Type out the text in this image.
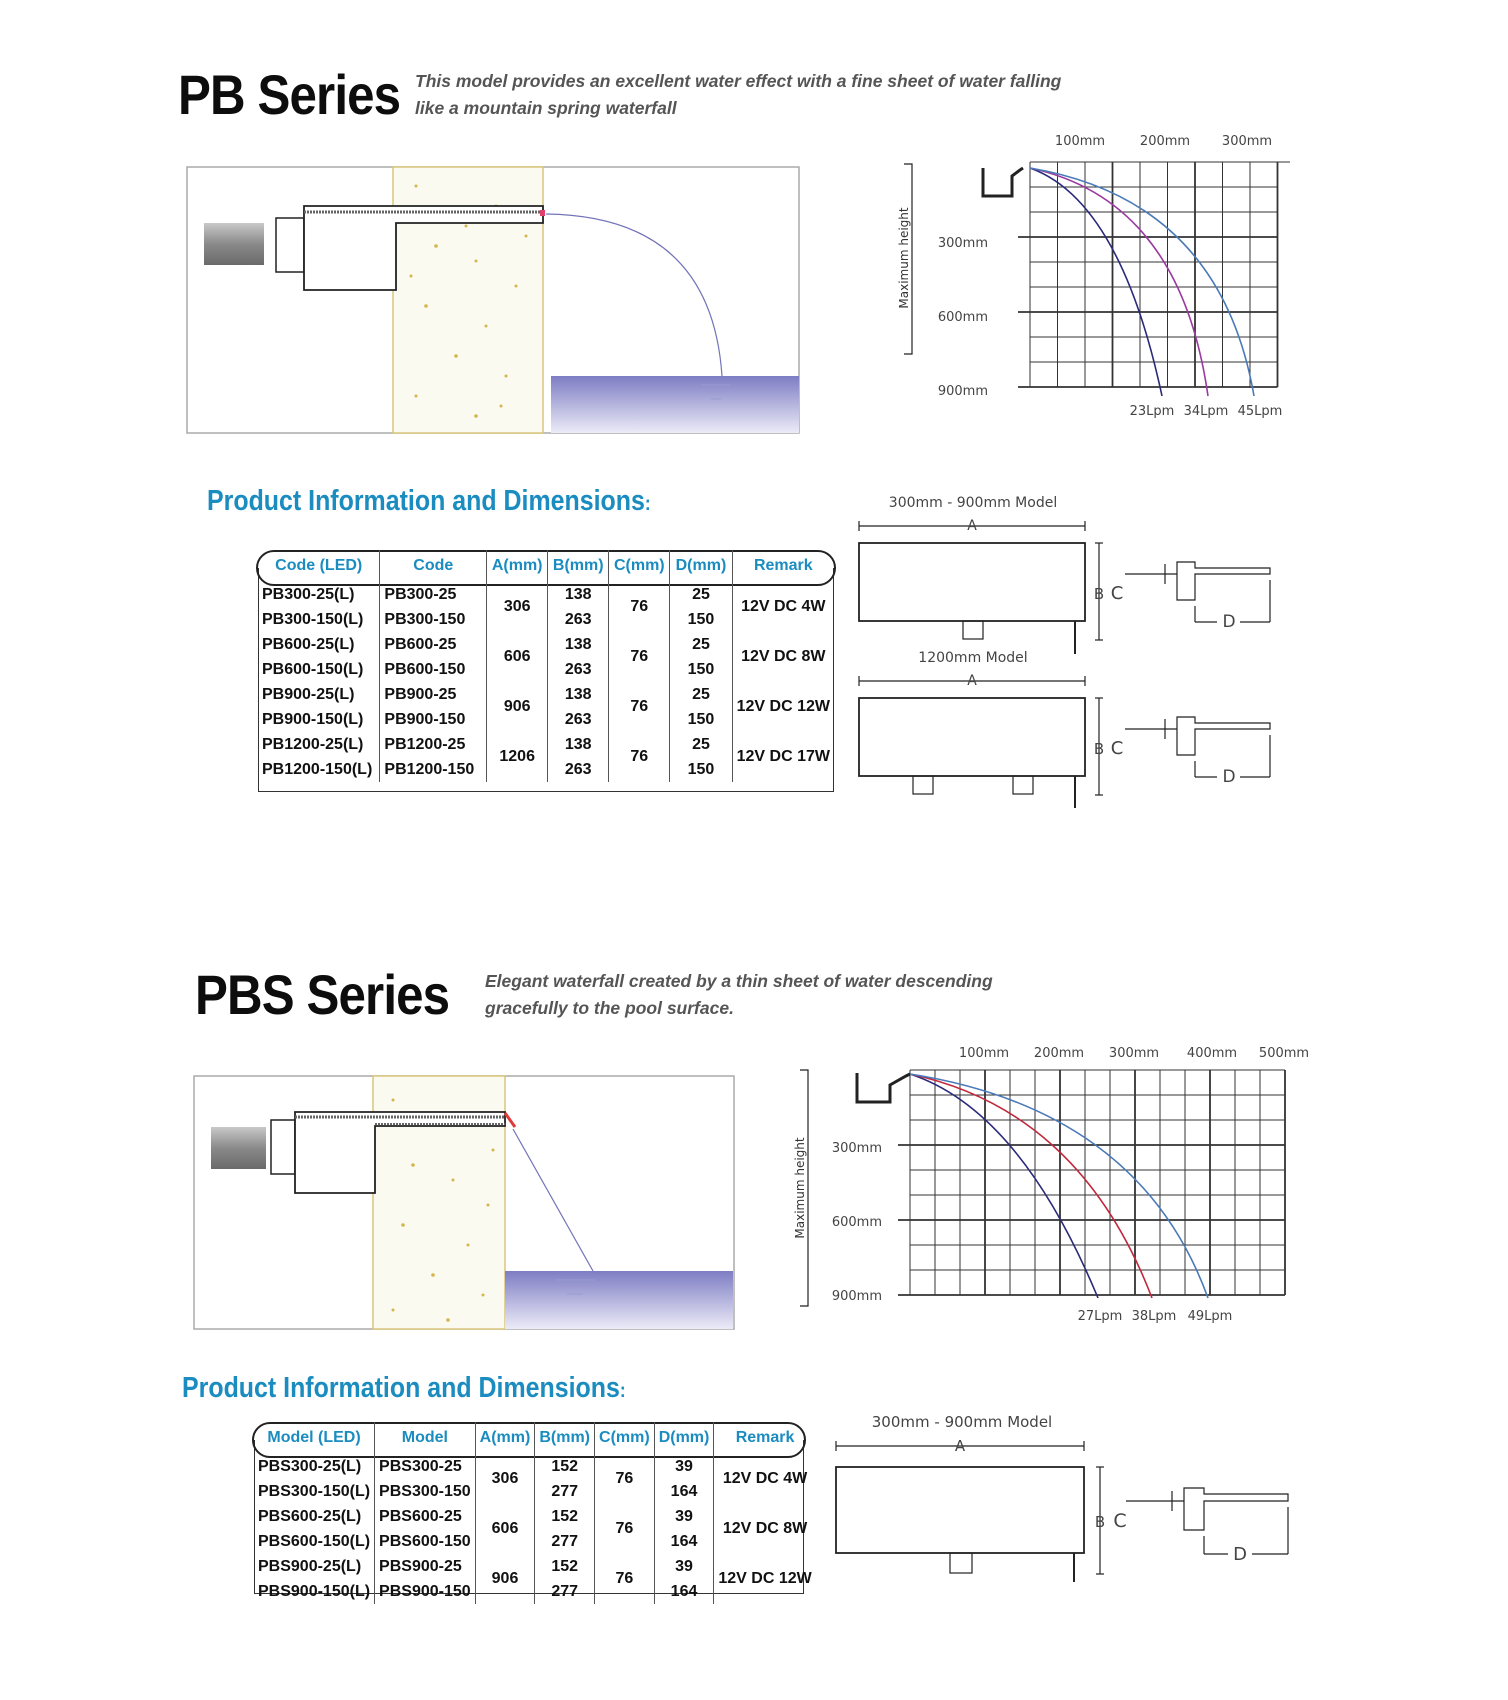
PB Series This model provides an excellent water effect with a fine sheet of water falling
like a mountain spring waterfall
Maximum height
100mm	200mm 300mm
300mm
600mm
900mm
23Lpm 34Lpm 45Lpm
Product Information and Dimensions:
Code (LED)	Code	A(mm)	B(mm)	C(mm)	D(mm)	Remark
PB300-25(L)	PB300-25	306	138	76	25	12V DC 4W
PB300-150(L)	PB300-150		263		150	
PB600-25(L)	PB600-25	606	138	76	25	12V DC 8W
PB600-150(L)	PB600-150		263		150	
PB900-25(L)	PB900-25	906	138	76	25	12V DC 12W
PB900-150(L)	PB900-150		263		150	
PB1200-25(L)	PB1200-25	1206	138	76	25	12V DC 17W
PB1200-150(L)	PB1200-150		263		150	
300mm - 900mm Model
A
B C
D
1200mm Model
A
B C
D
PBS Series Elegant waterfall created by a thin sheet of water descending
gracefully to the pool surface.
Maximum height
100mm 200mm 300mm 400mm 500mm
300mm
600mm
900mm
27Lpm 38Lpm 49Lpm
Product Information and Dimensions:
Model (LED)	Model	A(mm)	B(mm)	C(mm)	D(mm)	Remark
PBS300-25(L)	PBS300-25	306	152	76	39	12V DC 4W
PBS300-150(L)	PBS300-150		277		164	
PBS600-25(L)	PBS600-25	606	152	76	39	12V DC 8W
PBS600-150(L)	PBS600-150		277		164	
PBS900-25(L)	PBS900-25	906	152	76	39	12V DC 12W
PBS900-150(L)	PBS900-150		277		164	
300mm - 900mm Model
A
B C
D
